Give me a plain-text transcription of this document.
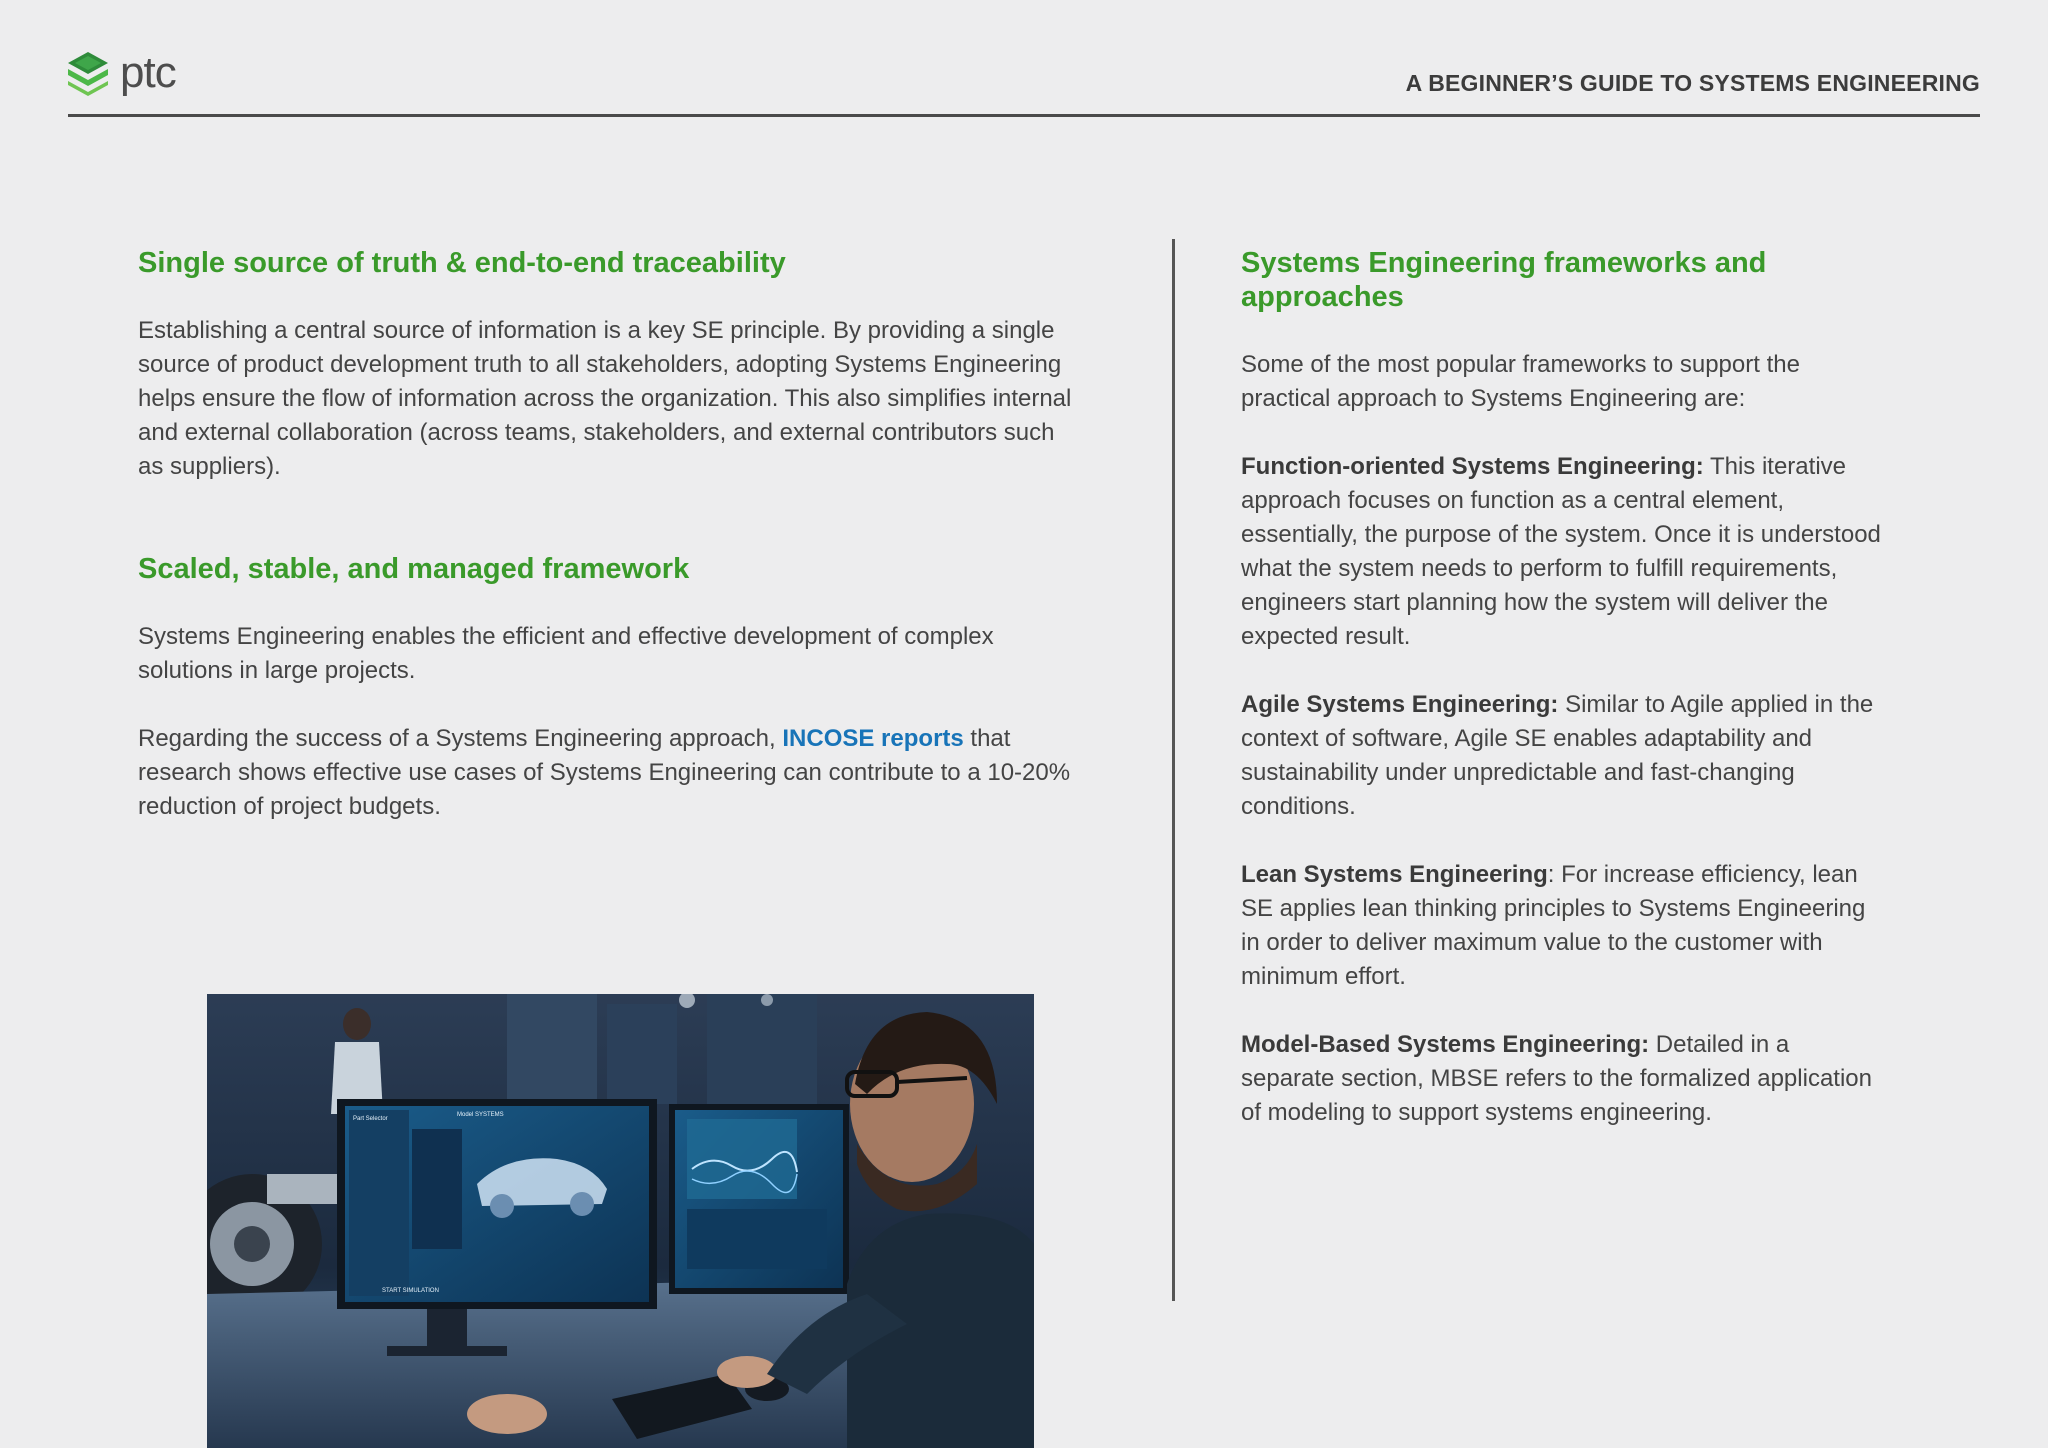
ptc	A BEGINNER’S GUIDE TO SYSTEMS ENGINEERING
Single source of truth & end-to-end traceability

Establishing a central source of information is a key SE principle. By providing a single source of product development truth to all stakeholders, adopting Systems Engineering helps ensure the flow of information across the organization. This also simplifies internal and external collaboration (across teams, stakeholders, and external contributors such as suppliers).

Scaled, stable, and managed framework

Systems Engineering enables the efficient and effective development of complex solutions in large projects.

Regarding the success of a Systems Engineering approach, INCOSE reports that research shows effective use cases of Systems Engineering can contribute to a 10-20% reduction of project budgets.

Systems Engineering frameworks and approaches

Some of the most popular frameworks to support the practical approach to Systems Engineering are:

Function-oriented Systems Engineering: This iterative approach focuses on function as a central element, essentially, the purpose of the system. Once it is understood what the system needs to perform to fulfill requirements, engineers start planning how the system will deliver the expected result.

Agile Systems Engineering: Similar to Agile applied in the context of software, Agile SE enables adaptability and sustainability under unpredictable and fast-changing conditions.

Lean Systems Engineering: For increase efficiency, lean SE applies lean thinking principles to Systems Engineering in order to deliver maximum value to the customer with minimum effort.

Model-Based Systems Engineering: Detailed in a separate section, MBSE refers to the formalized application of modeling to support systems engineering.

Model SYSTEMS
Part Selector
START SIMULATION
